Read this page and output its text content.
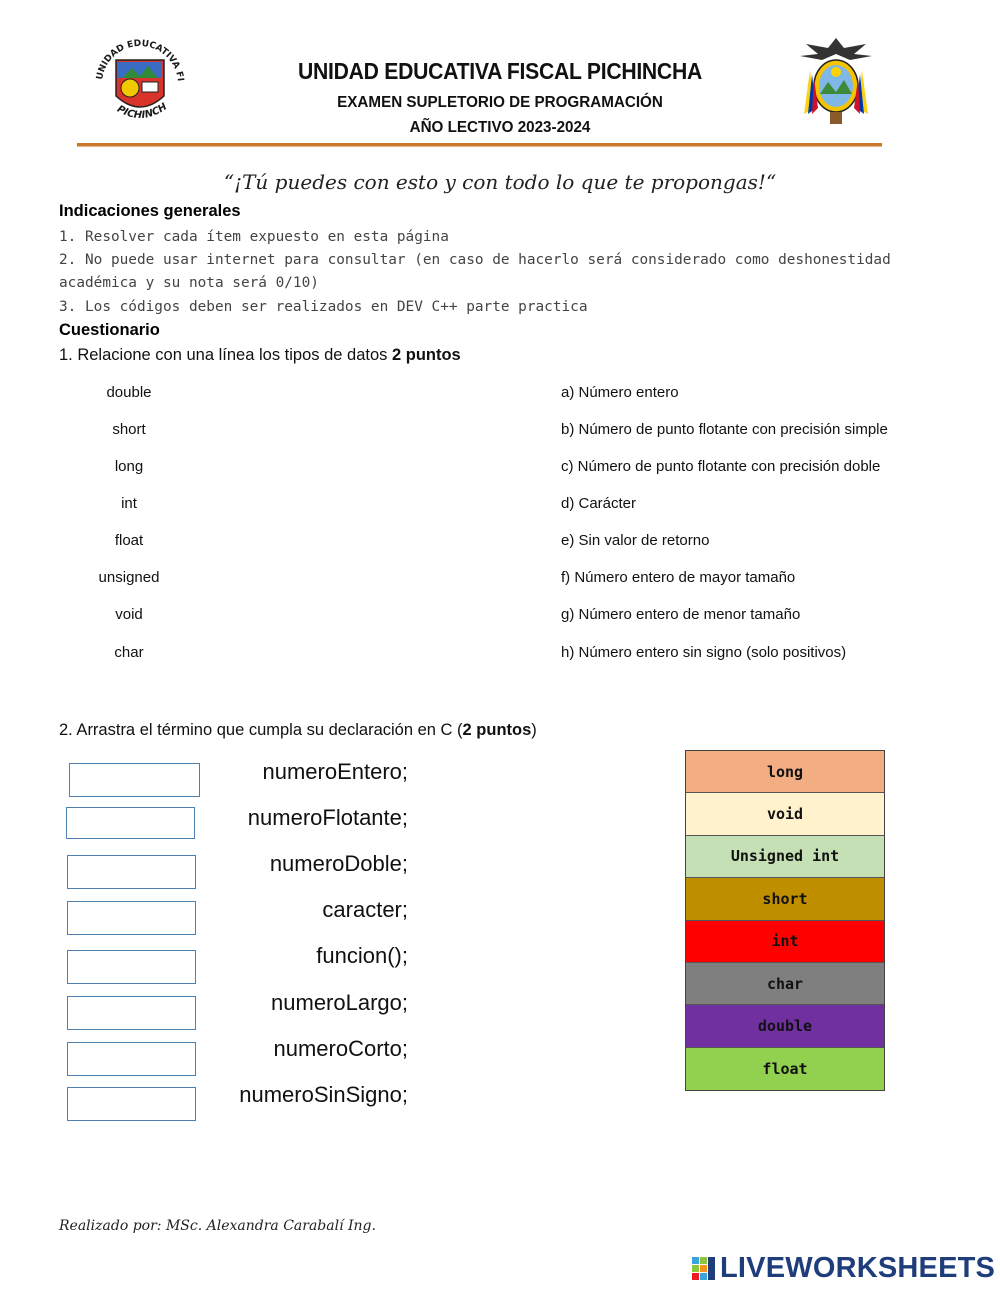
UNIDAD EDUCATIVA FI
PICHINCH
UNIDAD EDUCATIVA FISCAL PICHINCHA
EXAMEN SUPLETORIO DE PROGRAMACIÓN
AÑO LECTIVO 2023-2024
“¡Tú puedes con esto y con todo lo que te propongas!“
Indicaciones generales
1. Resolver cada ítem expuesto en esta página
2. No puede usar internet para consultar (en caso de hacerlo será considerado como deshonestidad
académica y su nota será 0/10)
3. Los códigos deben ser realizados en DEV C++ parte practica
Cuestionario
1. Relacione con una línea los tipos de datos 2 puntos
double
short
long
int
float
unsigned
void
char
a) Número entero
b) Número de punto flotante con precisión simple
c) Número de punto flotante con precisión doble
d) Carácter
e) Sin valor de retorno
f) Número entero de mayor tamaño
g) Número entero de menor tamaño
h) Número entero sin signo (solo positivos)
2. Arrastra el término que cumpla su declaración en C (2 puntos)
numeroEntero;
numeroFlotante;
numeroDoble;
caracter;
funcion();
numeroLargo;
numeroCorto;
numeroSinSigno;
long
void
Unsigned int
short
int
char
double
float
Realizado por: MSc. Alexandra Carabalí Ing.
LIVEWORKSHEETS
